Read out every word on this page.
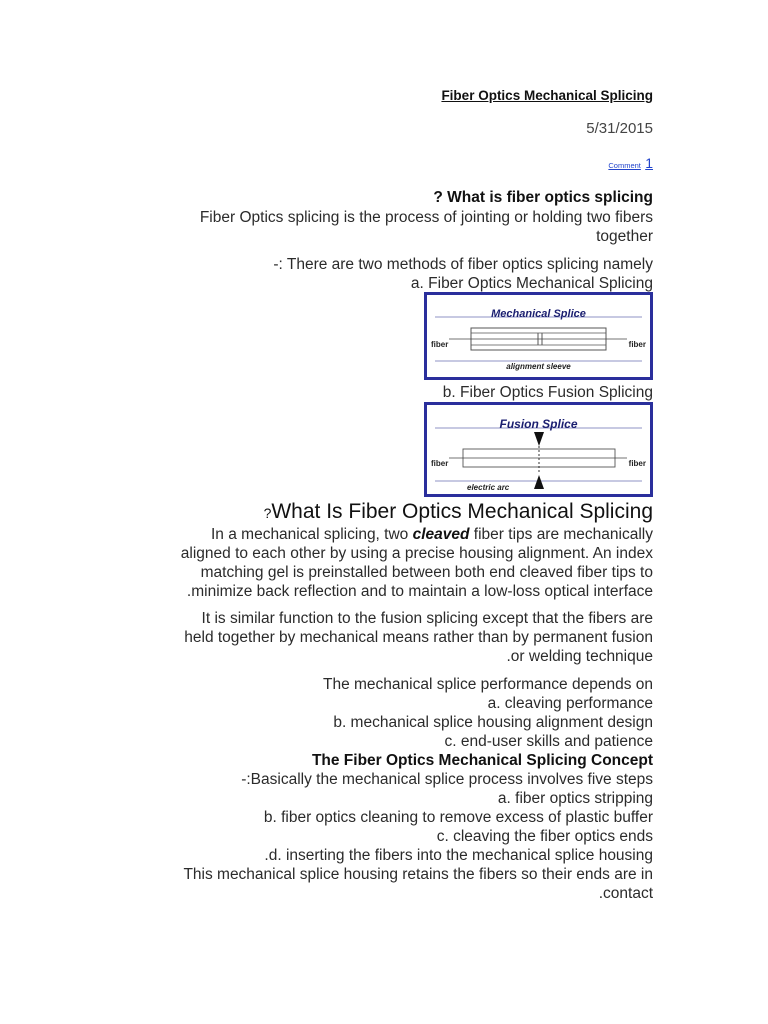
Fiber Optics Mechanical Splicing
5/31/2015
Comment 1
? What is fiber optics splicing
Fiber Optics splicing is the process of jointing or holding two fibers
together
-: There are two methods of fiber optics splicing namely
a. Fiber Optics Mechanical Splicing
Mechanical Splice
fiber	fiber
alignment sleeve
b. Fiber Optics Fusion Splicing
Fusion Splice
fiber	fiber
electric arc
?What Is Fiber Optics Mechanical Splicing
In a mechanical splicing, two cleaved fiber tips are mechanically
aligned to each other by using a precise housing alignment. An index
matching gel is preinstalled between both end cleaved fiber tips to
.minimize back reflection and to maintain a low-loss optical interface
It is similar function to the fusion splicing except that the fibers are
held together by mechanical means rather than by permanent fusion
.or welding technique
The mechanical splice performance depends on
a. cleaving performance
b. mechanical splice housing alignment design
c. end-user skills and patience
The Fiber Optics Mechanical Splicing Concept
-:Basically the mechanical splice process involves five steps
a. fiber optics stripping
b. fiber optics cleaning to remove excess of plastic buffer
c. cleaving the fiber optics ends
.d. inserting the fibers into the mechanical splice housing
This mechanical splice housing retains the fibers so their ends are in
.contact
